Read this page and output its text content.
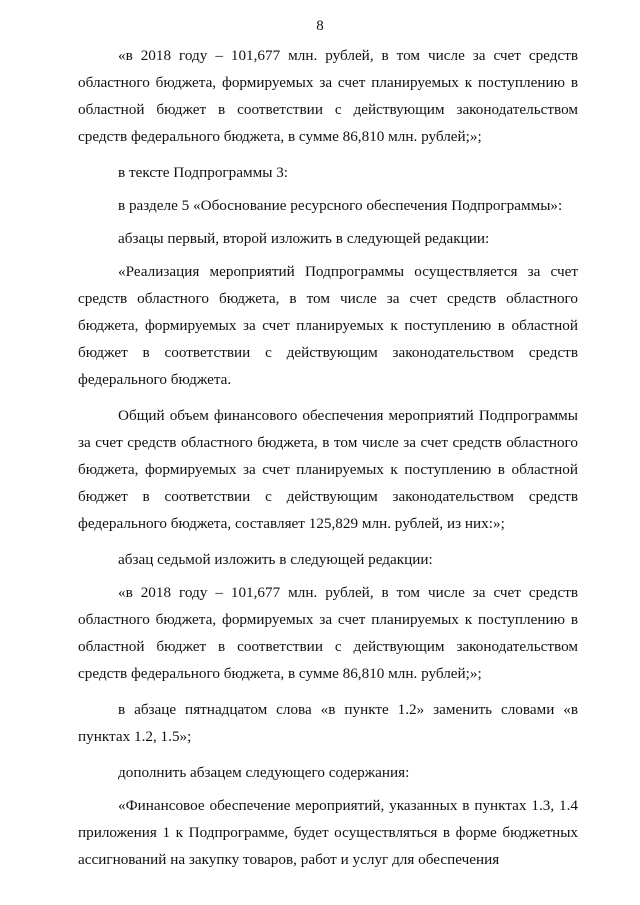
8

«в 2018 году – 101,677 млн. рублей, в том числе за счет средств областного бюджета, формируемых за счет планируемых к поступлению в областной бюджет в соответствии с действующим законодательством средств федерального бюджета, в сумме 86,810 млн. рублей;»;

в тексте Подпрограммы 3:

в разделе 5 «Обоснование ресурсного обеспечения Подпрограммы»:

абзацы первый, второй изложить в следующей редакции:

«Реализация мероприятий Подпрограммы осуществляется за счет средств областного бюджета, в том числе за счет средств областного бюджета, формируемых за счет планируемых к поступлению в областной бюджет в соответствии с действующим законодательством средств федерального бюджета.

Общий объем финансового обеспечения мероприятий Подпрограммы за счет средств областного бюджета, в том числе за счет средств областного бюджета, формируемых за счет планируемых к поступлению в областной бюджет в соответствии с действующим законодательством средств федерального бюджета, составляет 125,829 млн. рублей, из них:»;

абзац седьмой изложить в следующей редакции:

«в 2018 году – 101,677 млн. рублей, в том числе за счет средств областного бюджета, формируемых за счет планируемых к поступлению в областной бюджет в соответствии с действующим законодательством средств федерального бюджета, в сумме 86,810 млн. рублей;»;

в абзаце пятнадцатом слова «в пункте 1.2» заменить словами «в пунктах 1.2, 1.5»;

дополнить абзацем следующего содержания:

«Финансовое обеспечение мероприятий, указанных в пунктах 1.3, 1.4 приложения 1 к Подпрограмме, будет осуществляться в форме бюджетных ассигнований на закупку товаров, работ и услуг для обеспечения
